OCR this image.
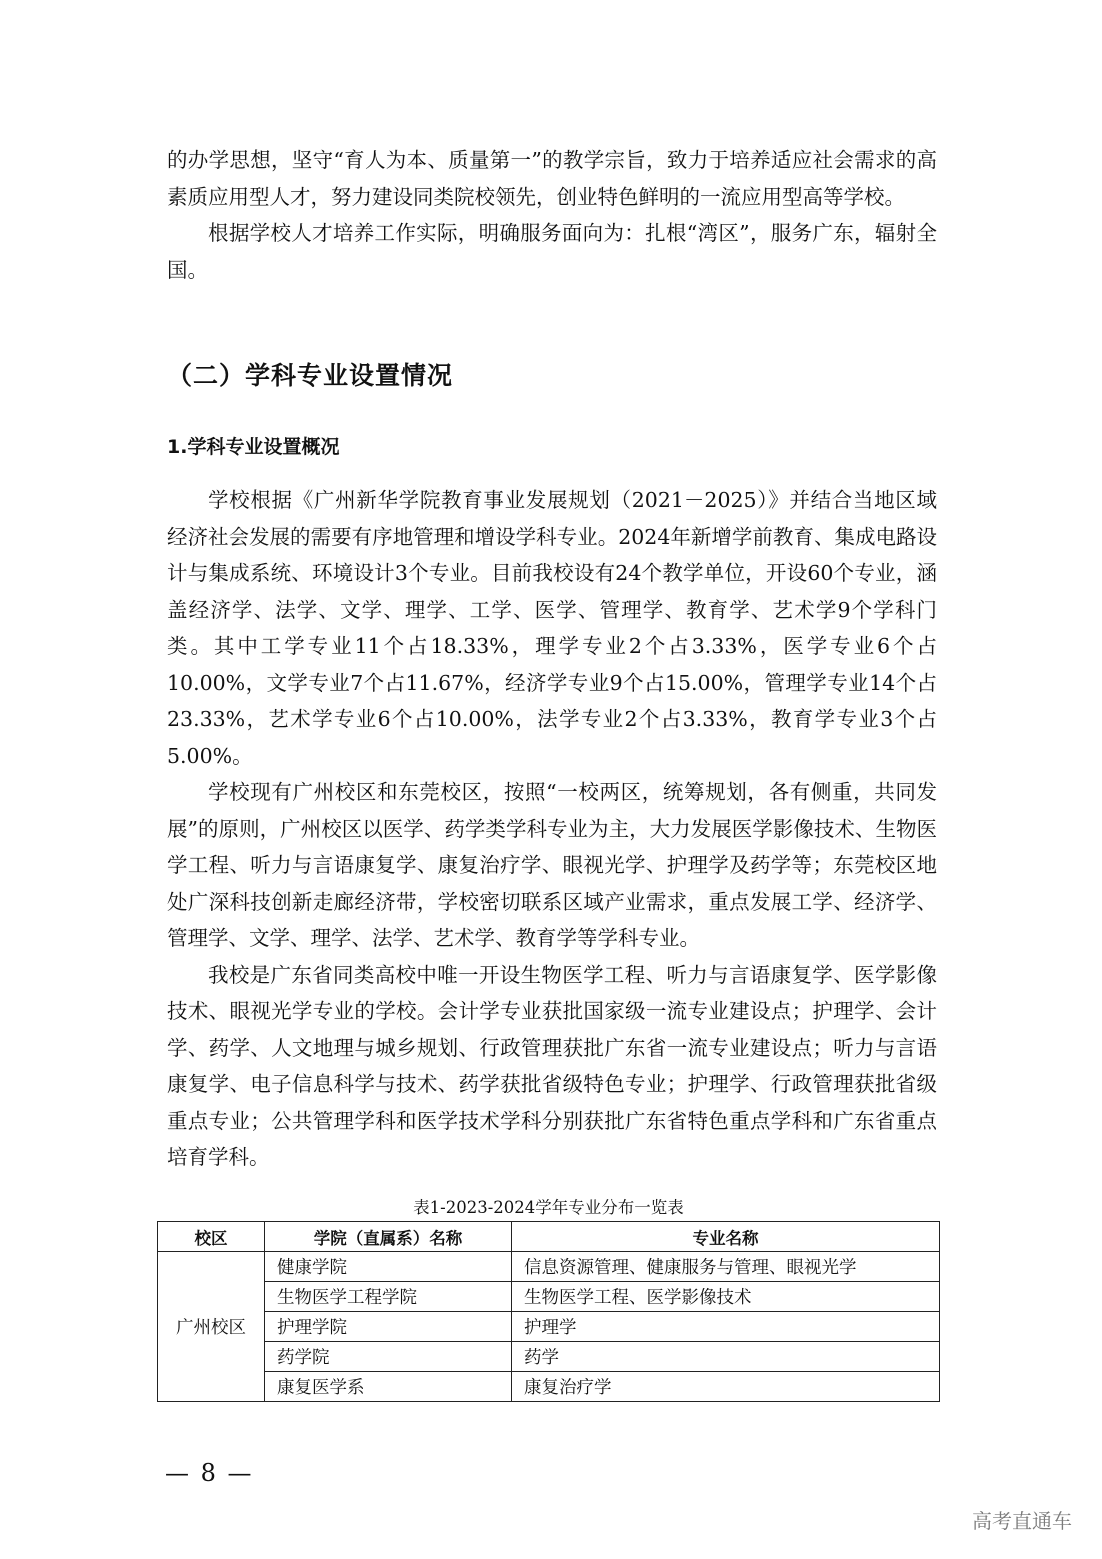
的办学思想，坚守“育人为本、质量第一”的教学宗旨，致力于培养适应社会需求的高素质应用型人才，努力建设同类院校领先，创业特色鲜明的一流应用型高等学校。

根据学校人才培养工作实际，明确服务面向为：扎根“湾区”，服务广东，辐射全国。

（二）学科专业设置情况
1.学科专业设置概况

学校根据《广州新华学院教育事业发展规划（2021－2025）》并结合当地区域经济社会发展的需要有序地管理和增设学科专业。2024年新增学前教育、集成电路设计与集成系统、环境设计3个专业。目前我校设有24个教学单位，开设60个专业，涵盖经济学、法学、文学、理学、工学、医学、管理学、教育学、艺术学9个学科门类。其中工学专业11个占18.33%，理学专业2个占3.33%，医学专业6个占10.00%，文学专业7个占11.67%，经济学专业9个占15.00%，管理学专业14个占23.33%，艺术学专业6个占10.00%，法学专业2个占3.33%，教育学专业3个占5.00%。

学校现有广州校区和东莞校区，按照“一校两区，统筹规划，各有侧重，共同发展”的原则，广州校区以医学、药学类学科专业为主，大力发展医学影像技术、生物医学工程、听力与言语康复学、康复治疗学、眼视光学、护理学及药学等；东莞校区地处广深科技创新走廊经济带，学校密切联系区域产业需求，重点发展工学、经济学、管理学、文学、理学、法学、艺术学、教育学等学科专业。

我校是广东省同类高校中唯一开设生物医学工程、听力与言语康复学、医学影像技术、眼视光学专业的学校。会计学专业获批国家级一流专业建设点；护理学、会计学、药学、人文地理与城乡规划、行政管理获批广东省一流专业建设点；听力与言语康复学、电子信息科学与技术、药学获批省级特色专业；护理学、行政管理获批省级重点专业；公共管理学科和医学技术学科分别获批广东省特色重点学科和广东省重点培育学科。

表1-2023-2024学年专业分布一览表
校区	学院（直属系）名称	专业名称
广州校区	健康学院	信息资源管理、健康服务与管理、眼视光学
	生物医学工程学院	生物医学工程、医学影像技术
	护理学院	护理学
	药学院	药学
	康复医学系	康复治疗学
— 8 —
高考直通车
